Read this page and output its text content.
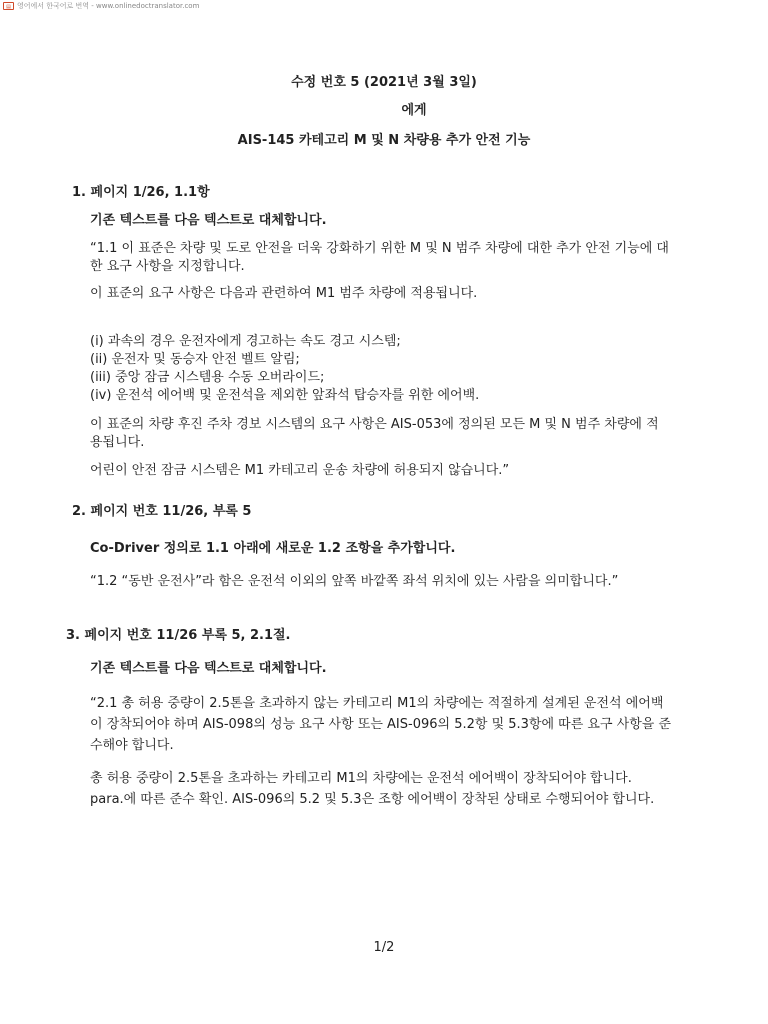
▤ 영어에서 한국어로 번역 - www.onlinedoctranslator.com
수정 번호 5 (2021년 3월 3일)
에게
AIS-145 카테고리 M 및 N 차량용 추가 안전 기능
1. 페이지 1/26, 1.1항
기존 텍스트를 다음 텍스트로 대체합니다.
“1.1 이 표준은 차량 및 도로 안전을 더욱 강화하기 위한 M 및 N 범주 차량에 대한 추가 안전 기능에 대
한 요구 사항을 지정합니다.
이 표준의 요구 사항은 다음과 관련하여 M1 범주 차량에 적용됩니다.
(i) 과속의 경우 운전자에게 경고하는 속도 경고 시스템;
(ii) 운전자 및 동승자 안전 벨트 알림;
(iii) 중앙 잠금 시스템용 수동 오버라이드;
(iv) 운전석 에어백 및 운전석을 제외한 앞좌석 탑승자를 위한 에어백.
이 표준의 차량 후진 주차 경보 시스템의 요구 사항은 AIS-053에 정의된 모든 M 및 N 범주 차량에 적
용됩니다.
어린이 안전 잠금 시스템은 M1 카테고리 운송 차량에 허용되지 않습니다.”
2. 페이지 번호 11/26, 부록 5
Co-Driver 정의로 1.1 아래에 새로운 1.2 조항을 추가합니다.
“1.2 “동반 운전사”라 함은 운전석 이외의 앞쪽 바깥쪽 좌석 위치에 있는 사람을 의미합니다.”
3. 페이지 번호 11/26 부록 5, 2.1절.
기존 텍스트를 다음 텍스트로 대체합니다.
“2.1 총 허용 중량이 2.5톤을 초과하지 않는 카테고리 M1의 차량에는 적절하게 설계된 운전석 에어백
이 장착되어야 하며 AIS-098의 성능 요구 사항 또는 AIS-096의 5.2항 및 5.3항에 따른 요구 사항을 준
수해야 합니다.
총 허용 중량이 2.5톤을 초과하는 카테고리 M1의 차량에는 운전석 에어백이 장착되어야 합니다.
para.에 따른 준수 확인. AIS-096의 5.2 및 5.3은 조항 에어백이 장착된 상태로 수행되어야 합니다.
1/2
